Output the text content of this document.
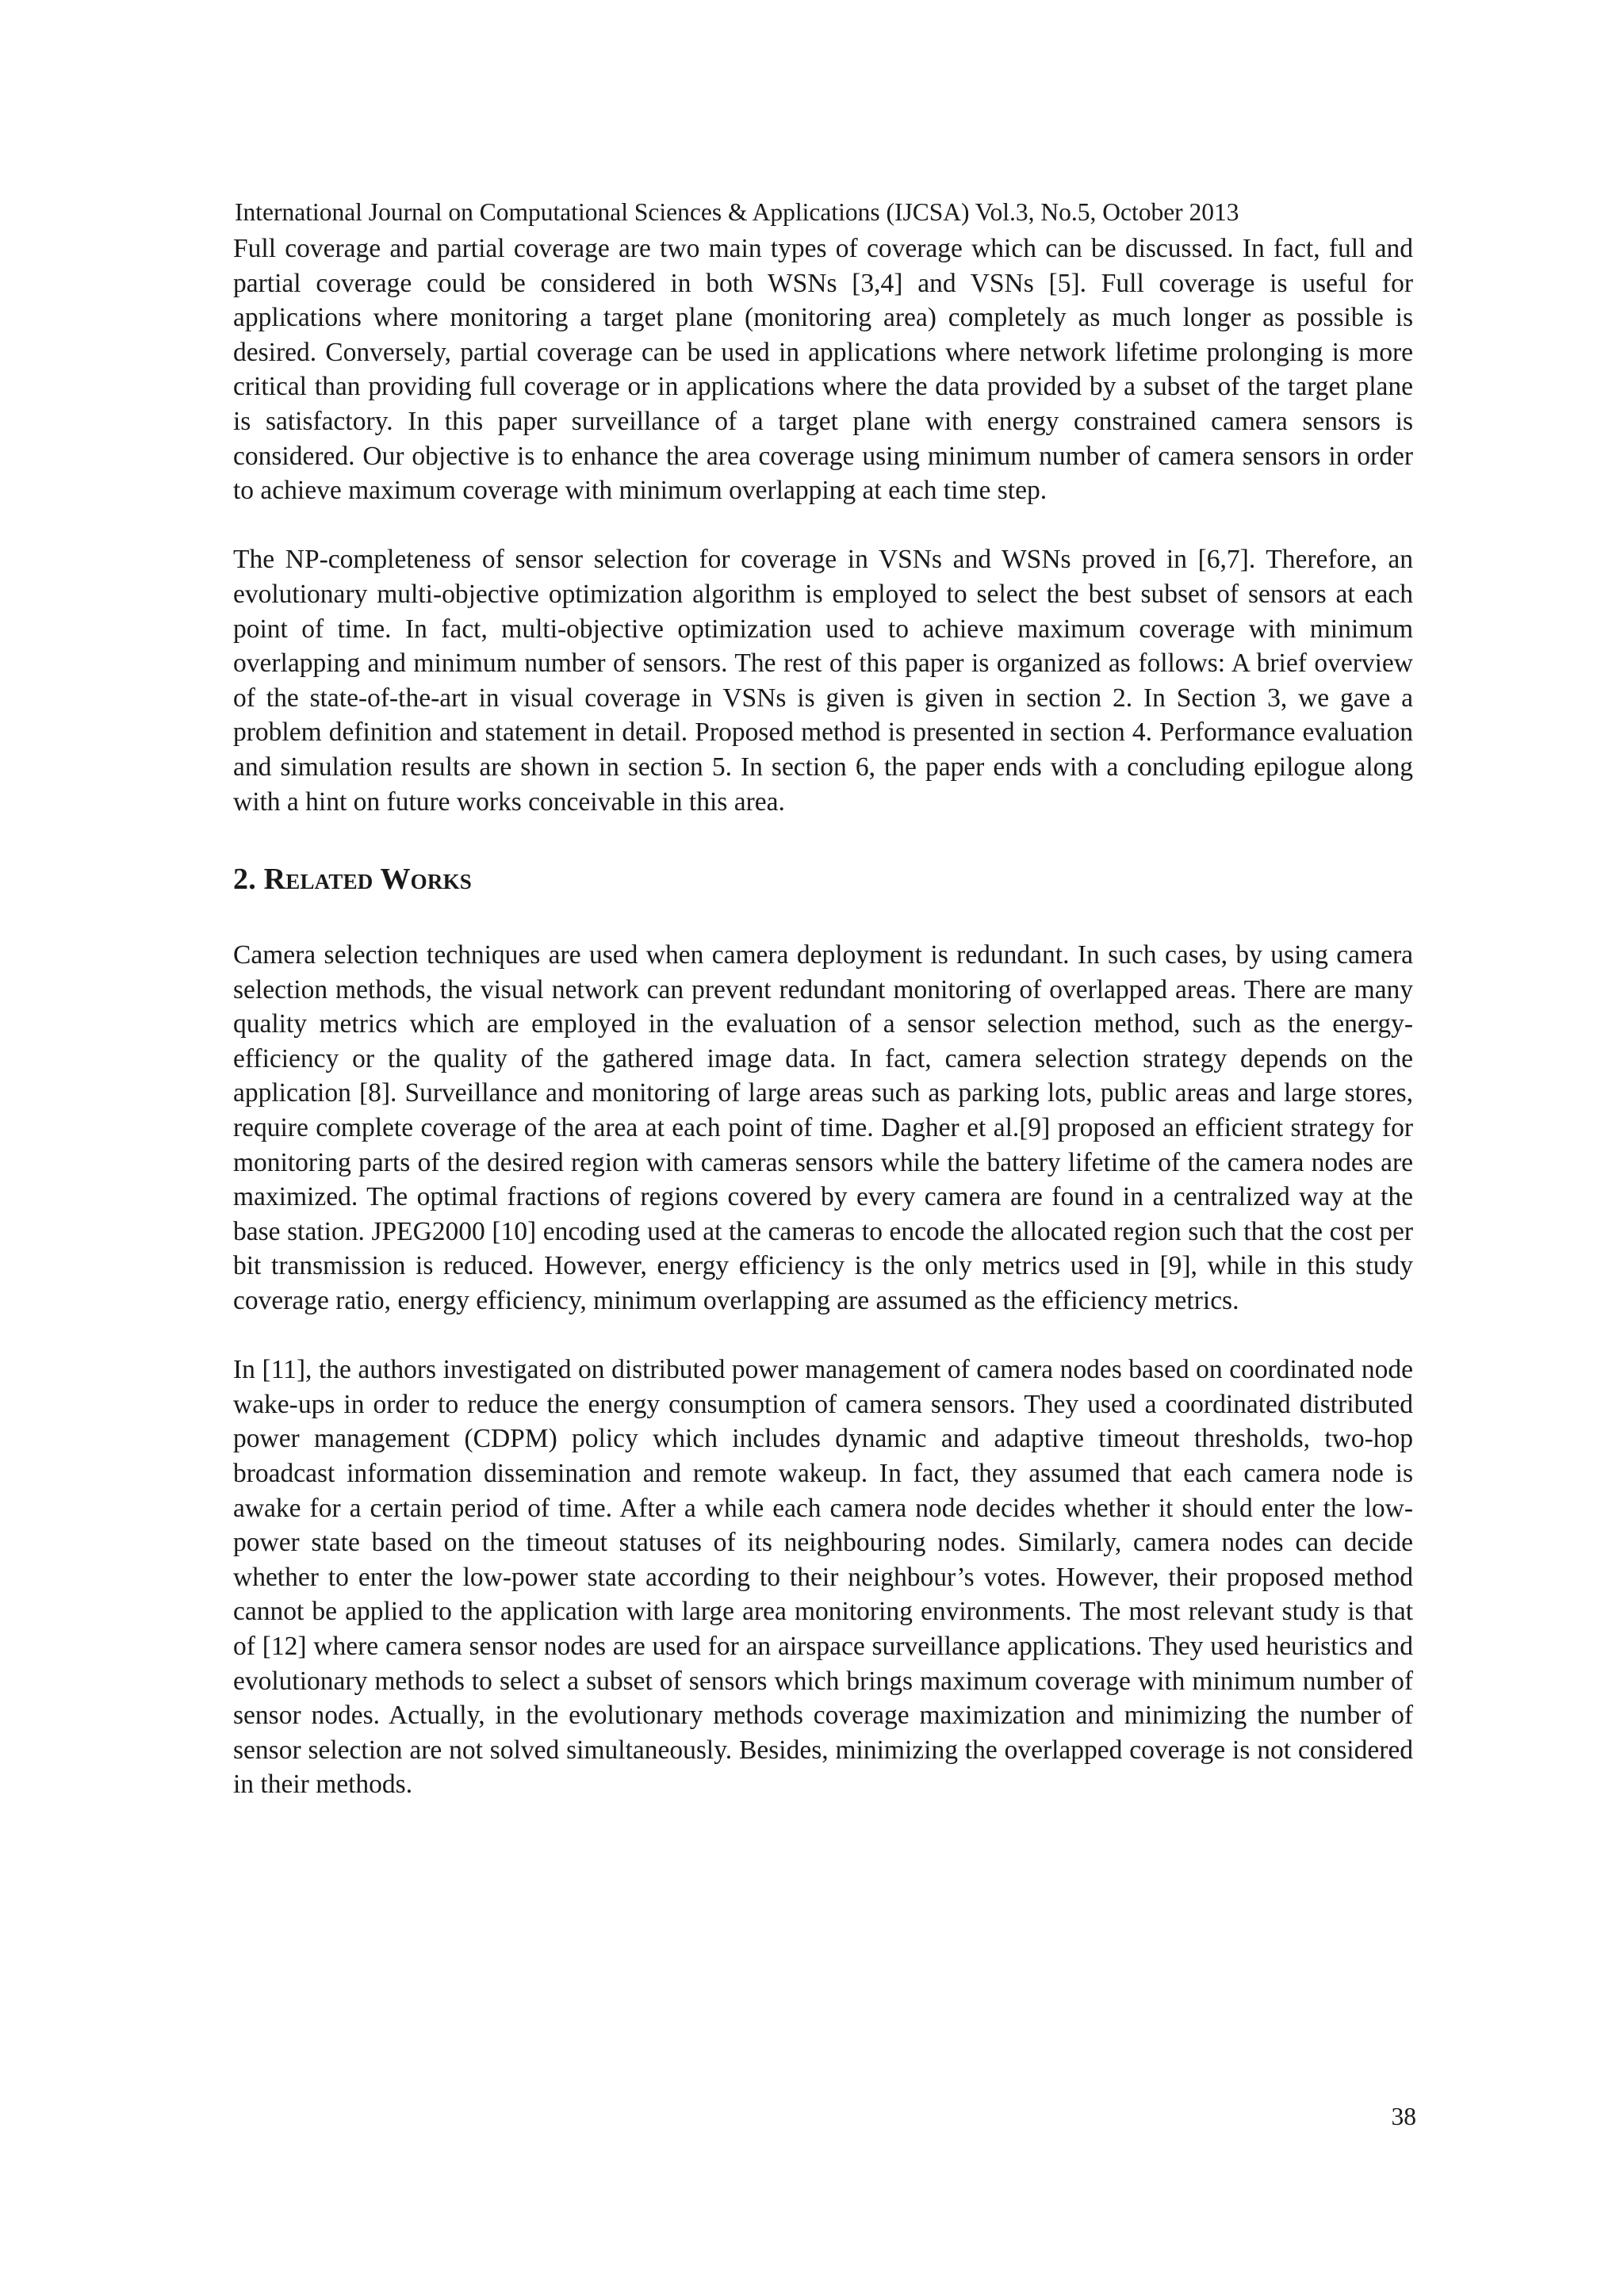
International Journal on Computational Sciences & Applications (IJCSA) Vol.3, No.5, October 2013

Full coverage and partial coverage are two main types of coverage which can be discussed. In fact, full and partial coverage could be considered in both WSNs [3,4] and VSNs [5]. Full coverage is useful for applications where monitoring a target plane (monitoring area) completely as much longer as possible is desired. Conversely, partial coverage can be used in applications where network lifetime prolonging is more critical than providing full coverage or in applications where the data provided by a subset of the target plane is satisfactory. In this paper surveillance of a target plane with energy constrained camera sensors is considered. Our objective is to enhance the area coverage using minimum number of camera sensors in order to achieve maximum coverage with minimum overlapping at each time step.

The NP-completeness of sensor selection for coverage in VSNs and WSNs proved in [6,7]. Therefore, an evolutionary multi-objective optimization algorithm is employed to select the best subset of sensors at each point of time. In fact, multi-objective optimization used to achieve maximum coverage with minimum overlapping and minimum number of sensors. The rest of this paper is organized as follows: A brief overview of the state-of-the-art in visual coverage in VSNs is given is given in section 2. In Section 3, we gave a problem definition and statement in detail. Proposed method is presented in section 4. Performance evaluation and simulation results are shown in section 5. In section 6, the paper ends with a concluding epilogue along with a hint on future works conceivable in this area.

2. Related Works

Camera selection techniques are used when camera deployment is redundant. In such cases, by using camera selection methods, the visual network can prevent redundant monitoring of overlapped areas. There are many quality metrics which are employed in the evaluation of a sensor selection method, such as the energy-efficiency or the quality of the gathered image data. In fact, camera selection strategy depends on the application [8]. Surveillance and monitoring of large areas such as parking lots, public areas and large stores, require complete coverage of the area at each point of time. Dagher et al.[9] proposed an efficient strategy for monitoring parts of the desired region with cameras sensors while the battery lifetime of the camera nodes are maximized. The optimal fractions of regions covered by every camera are found in a centralized way at the base station. JPEG2000 [10] encoding used at the cameras to encode the allocated region such that the cost per bit transmission is reduced. However, energy efficiency is the only metrics used in [9], while in this study coverage ratio, energy efficiency, minimum overlapping are assumed as the efficiency metrics.

In [11], the authors investigated on distributed power management of camera nodes based on coordinated node wake-ups in order to reduce the energy consumption of camera sensors. They used a coordinated distributed power management (CDPM) policy which includes dynamic and adaptive timeout thresholds, two-hop broadcast information dissemination and remote wakeup. In fact, they assumed that each camera node is awake for a certain period of time. After a while each camera node decides whether it should enter the low-power state based on the timeout statuses of its neighbouring nodes. Similarly, camera nodes can decide whether to enter the low-power state according to their neighbour’s votes. However, their proposed method cannot be applied to the application with large area monitoring environments. The most relevant study is that of [12] where camera sensor nodes are used for an airspace surveillance applications. They used heuristics and evolutionary methods to select a subset of sensors which brings maximum coverage with minimum number of sensor nodes. Actually, in the evolutionary methods coverage maximization and minimizing the number of sensor selection are not solved simultaneously. Besides, minimizing the overlapped coverage is not considered in their methods.

38
